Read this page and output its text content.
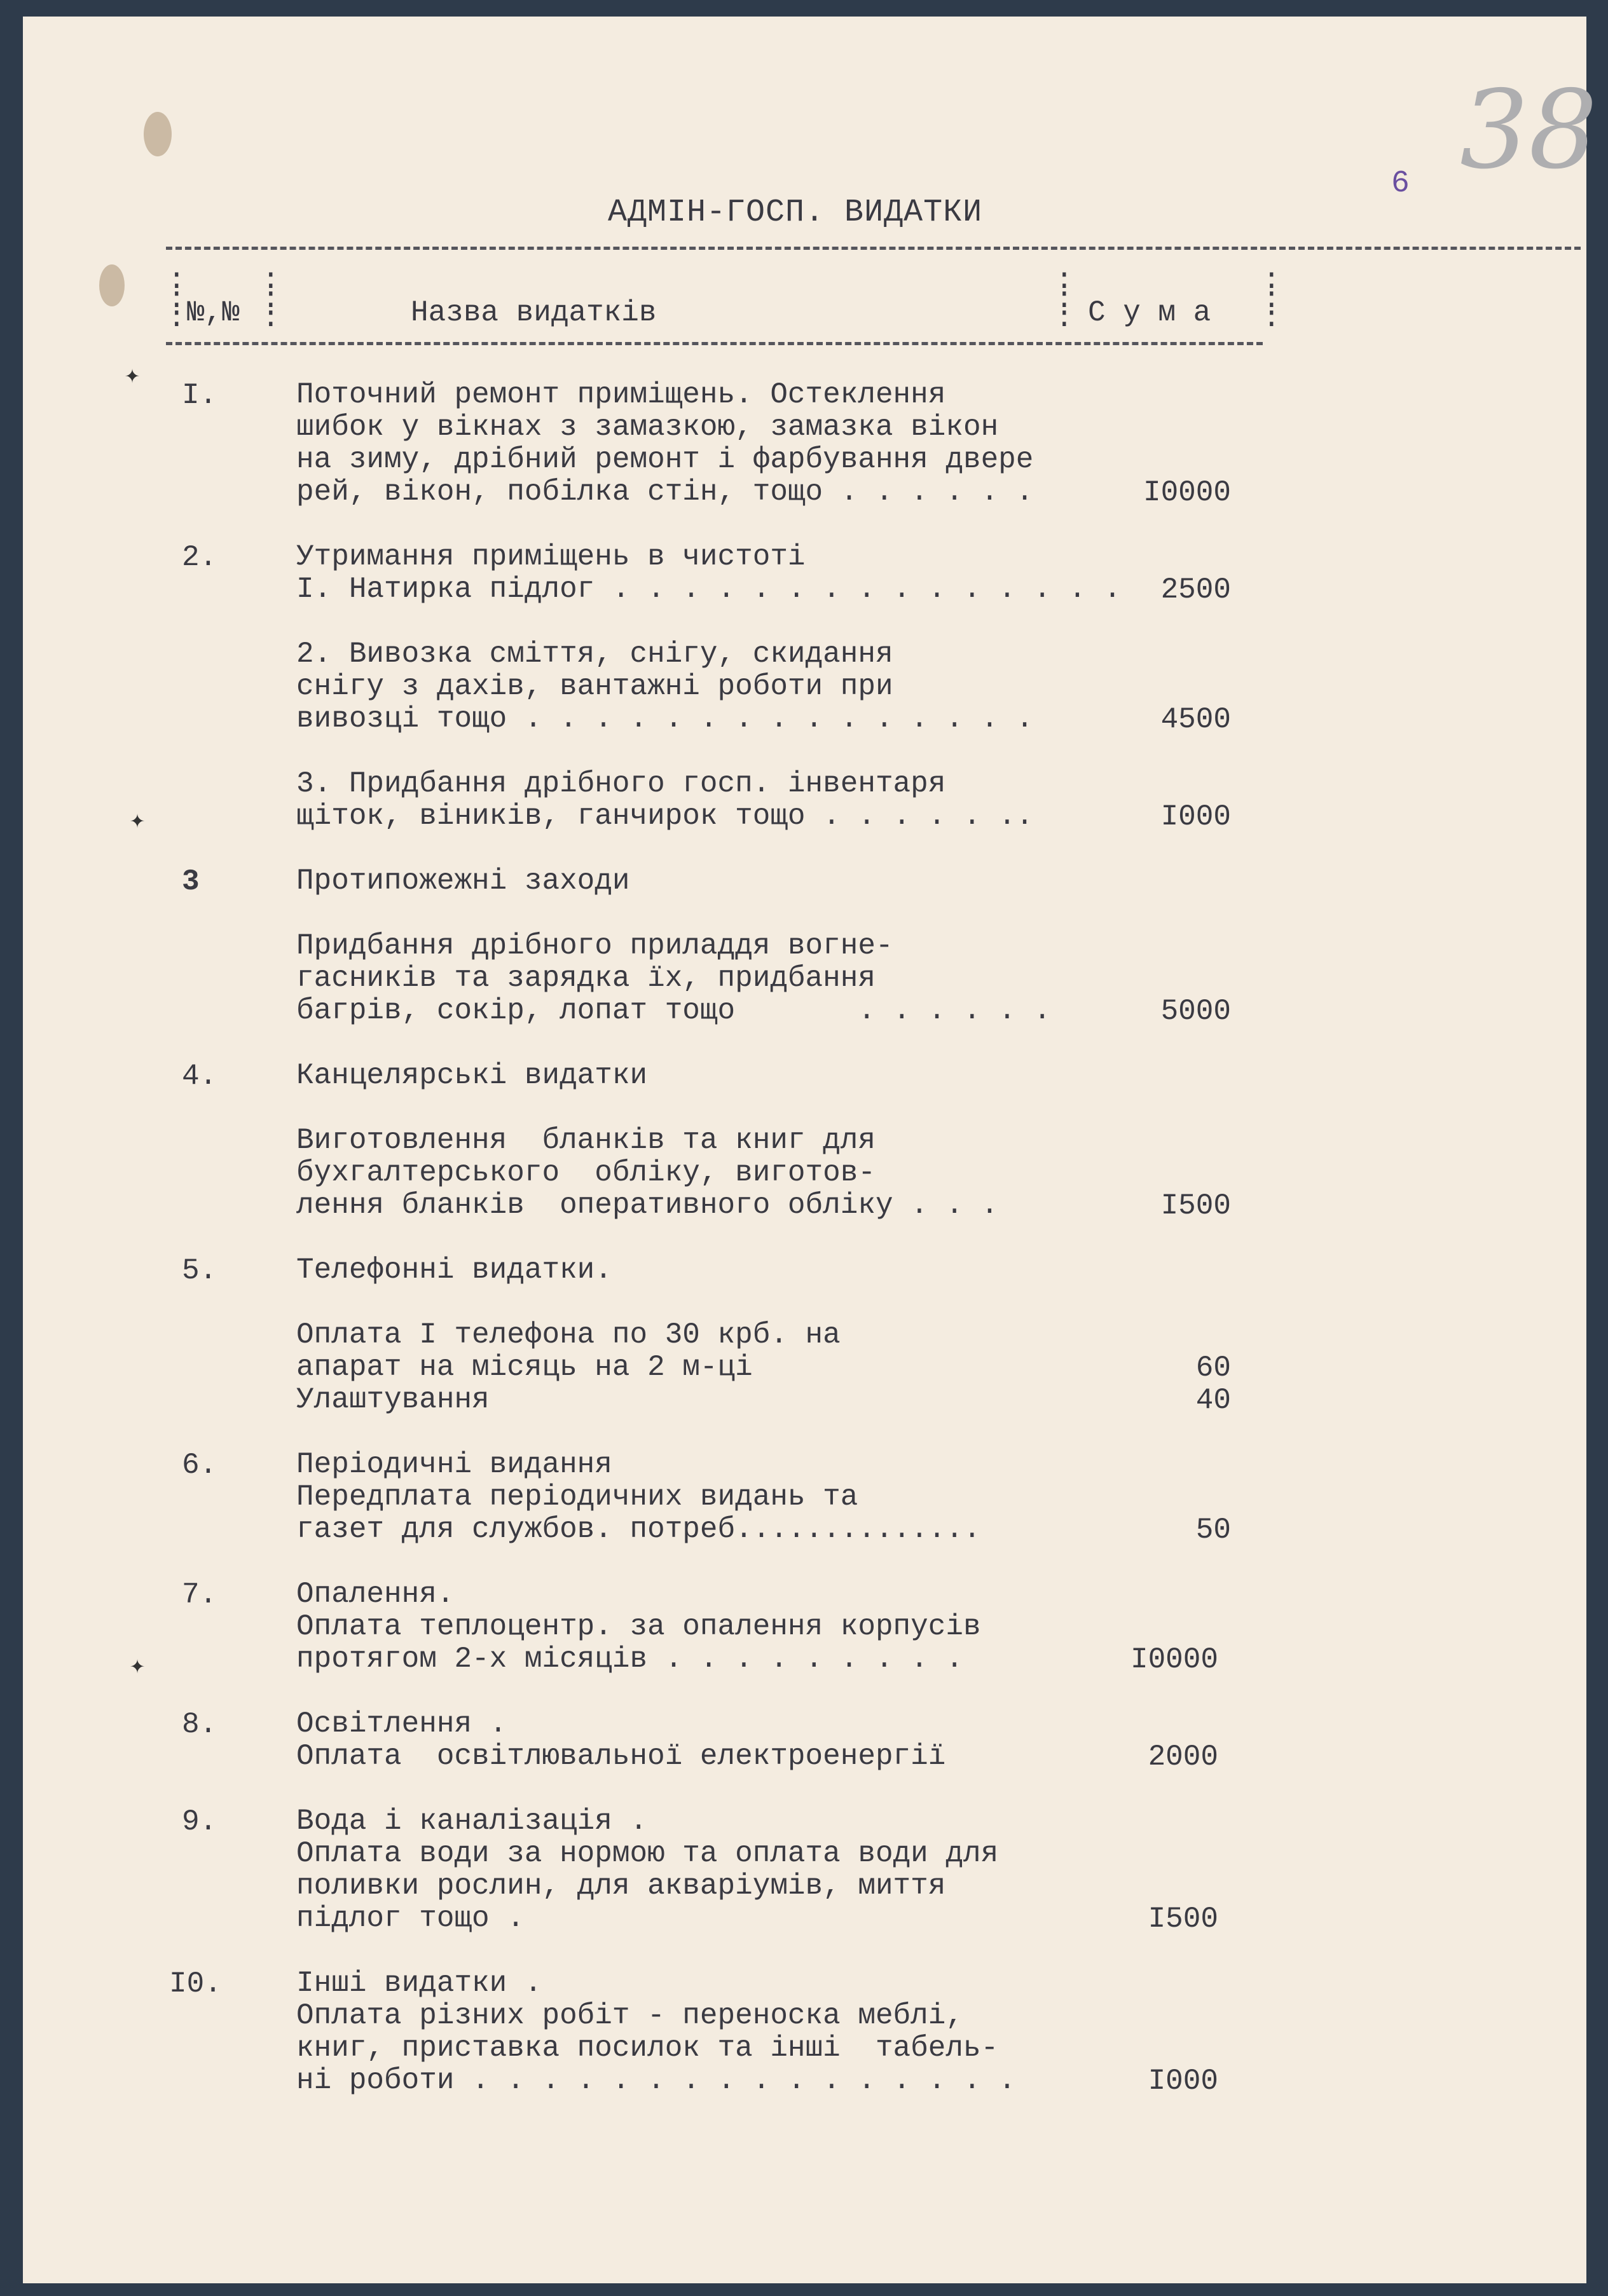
38
6
АДМІН-ГОСП. ВИДАТКИ
:
:
:
:
:
:
:
:
:
:
:
:
№,№	Назва видатків	С у м а
✦
✦
✦
І.	Поточний ремонт приміщень. Остеклення
шибок у вікнах з замазкою, замазка вікон
на зиму, дрібний ремонт і фарбування двере
рей, вікон, побілка стін, тощо . . . . . .	І0000
2.	Утримання приміщень в чистоті
І. Натирка підлог . . . . . . . . . . . . . . .	2500
2. Вивозка сміття, снігу, скидання
снігу з дахів, вантажні роботи при
вивозці тощо . . . . . . . . . . . . . . .	4500
3. Придбання дрібного госп. інвентаря
щіток, віників, ганчирок тощо . . . . . ..	І000
3	Протипожежні заходи
Придбання дрібного приладдя вогне-
гасників та зарядка їх, придбання
багрів, сокір, лопат тощо       . . . . . .	5000
4.	Канцелярські видатки
Виготовлення  бланків та книг для
бухгалтерського  обліку, виготов-
лення бланків  оперативного обліку . . .	І500
5.	Телефонні видатки.
Оплата І телефона по 30 крб. на
апарат на місяць на 2 м-ці	60
Улаштування	40
6.	Періодичні видання
Передплата періодичних видань та
газет для службов. потреб..............	50
7.	Опалення.
Оплата теплоцентр. за опалення корпусів
протягом 2-х місяців . . . . . . . . .	І0000
8.	Освітлення .
Оплата  освітлювальної електроенергії	2000
9.	Вода і каналізація .
Оплата води за нормою та оплата води для
поливки рослин, для акваріумів, миття
підлог тощо .	І500
І0.	Інші видатки .
Оплата різних робіт - переноска меблі,
книг, приставка посилок та інші  табель-
ні роботи . . . . . . . . . . . . . . . .	І000
